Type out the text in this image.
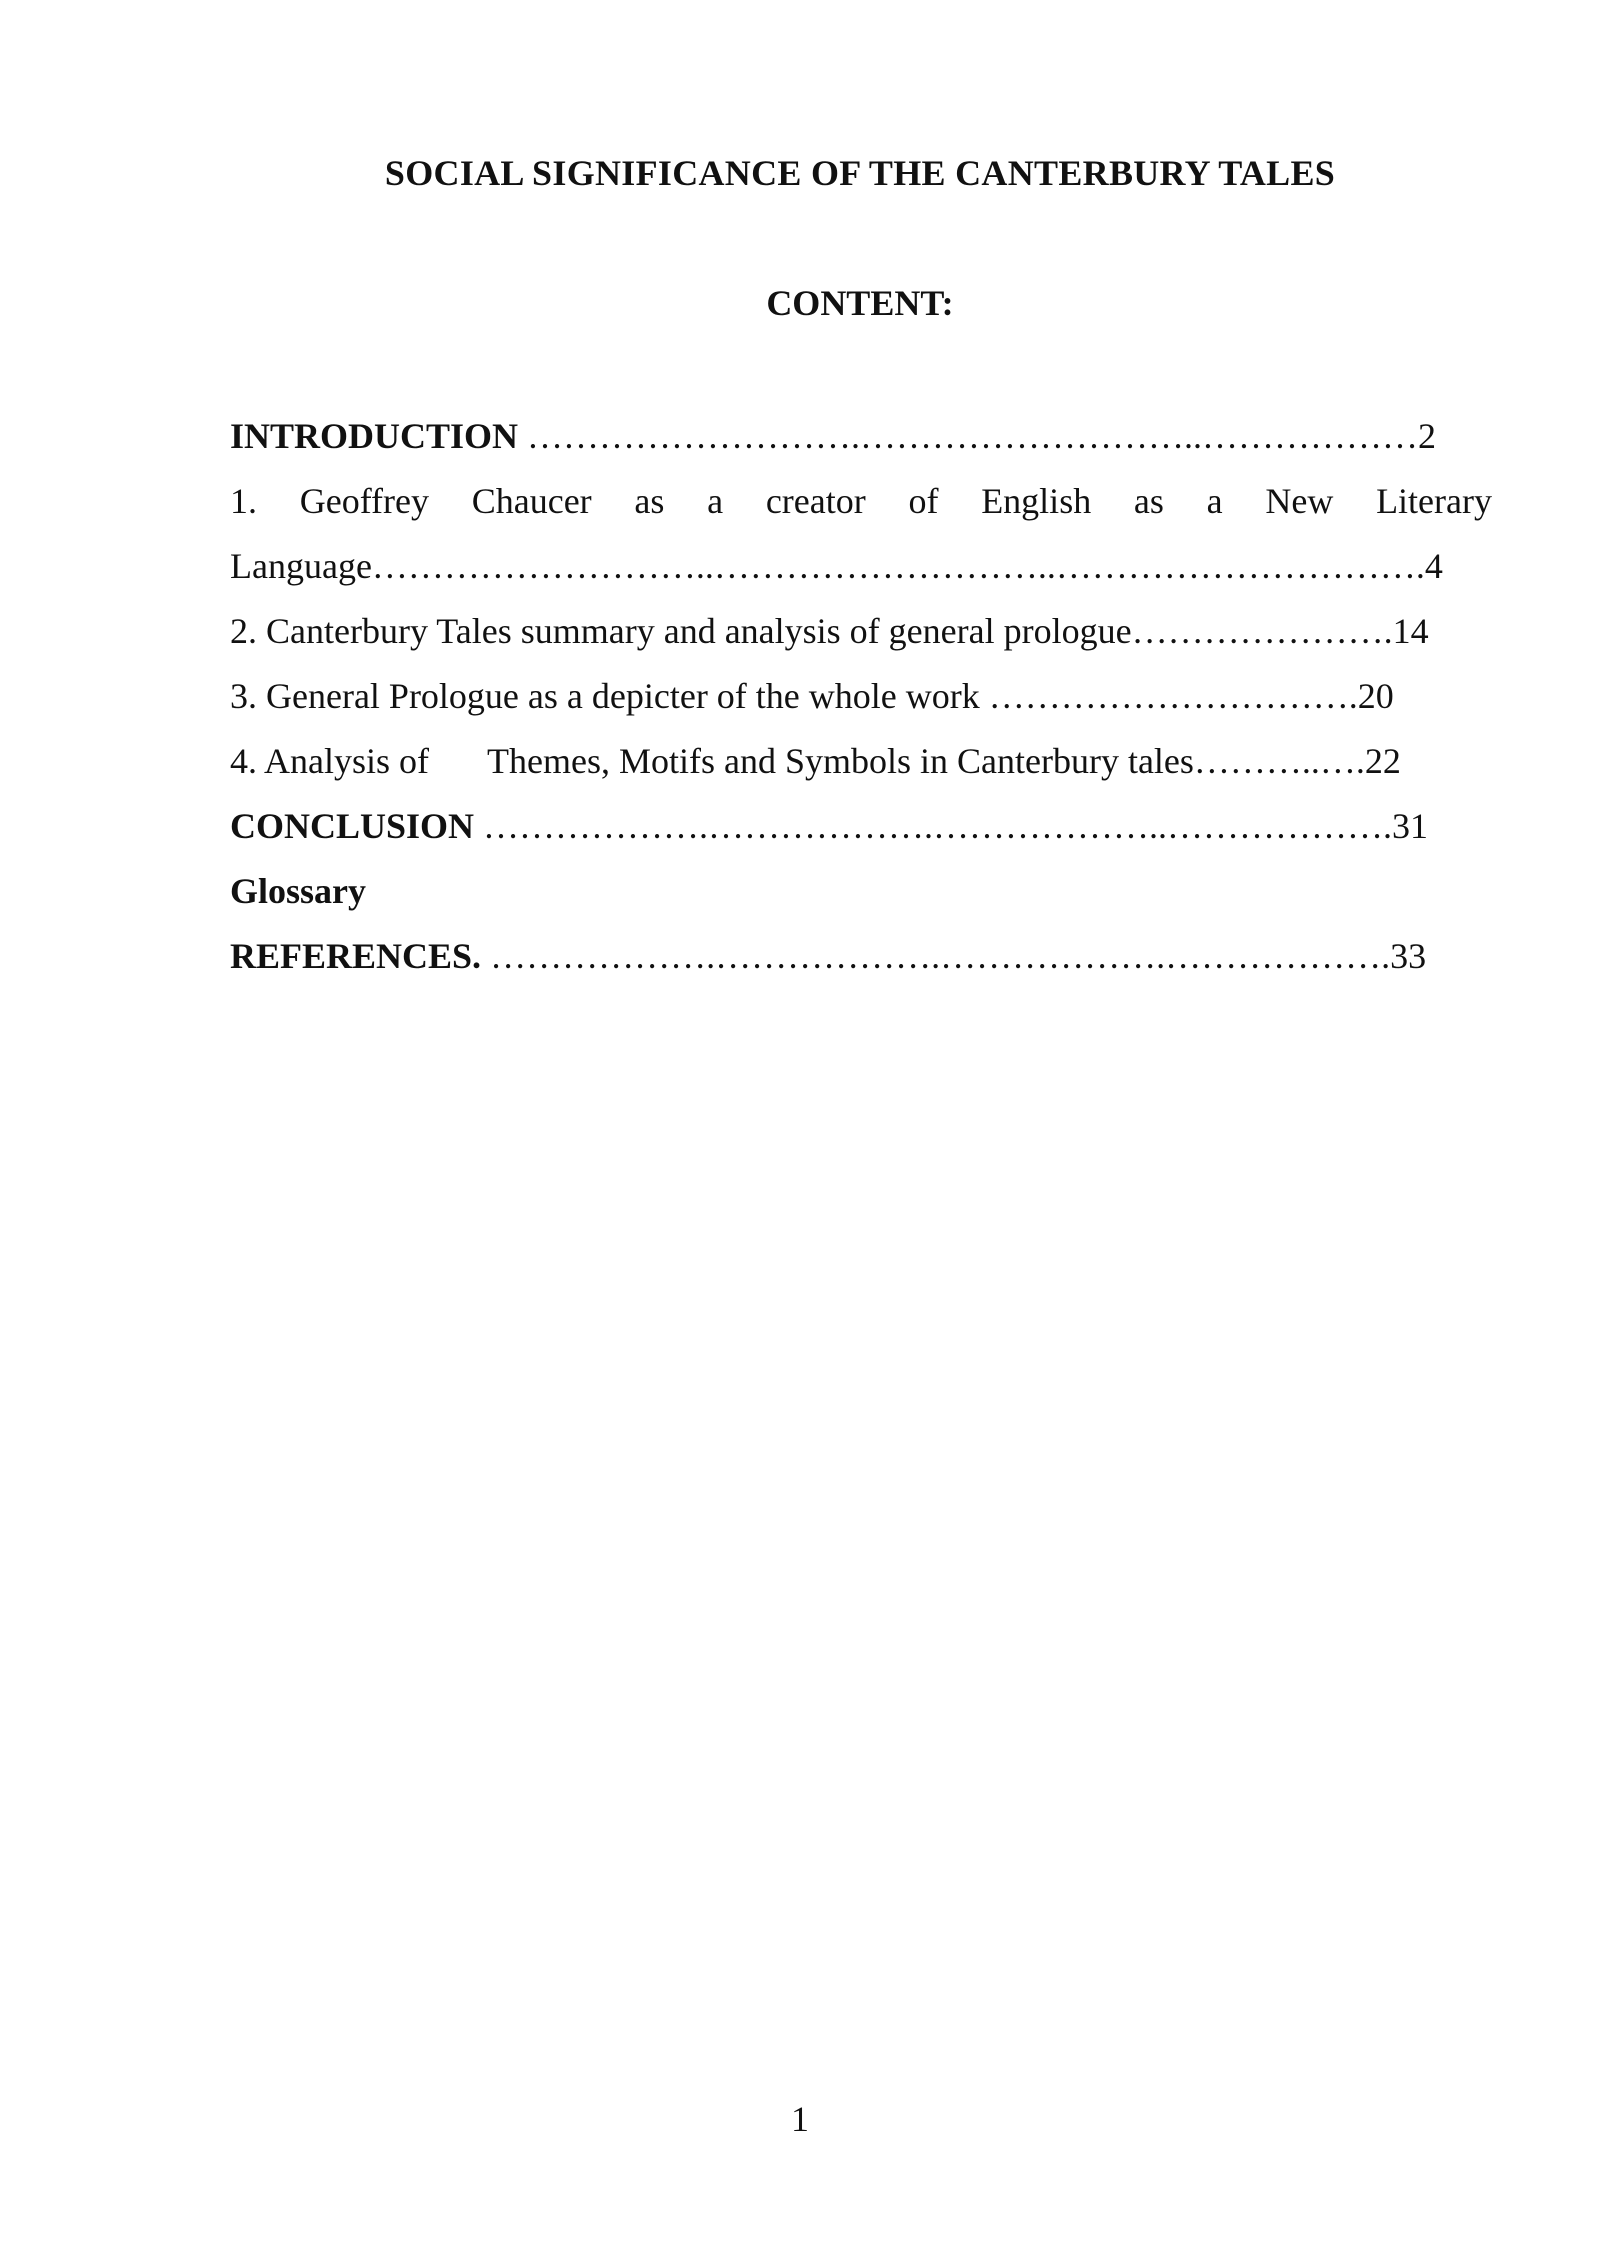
SOCIAL SIGNIFICANCE OF THE CANTERBURY TALES
CONTENT:
INTRODUCTION ……………………….………………………..………………2
1. Geoffrey Chaucer as a creator of English as a New Literary
Language………………………..………………………..………………………….4
2. Canterbury Tales summary and analysis of general prologue………………….14
3. General Prologue as a depicter of the whole work ………………………….20
4. Analysis of Themes, Motifs and Symbols in Canterbury tales………..….22
CONCLUSION ……………….……………….………………..……………….31
Glossary
REFERENCES. ……………….……………….……………….……………….33
1
